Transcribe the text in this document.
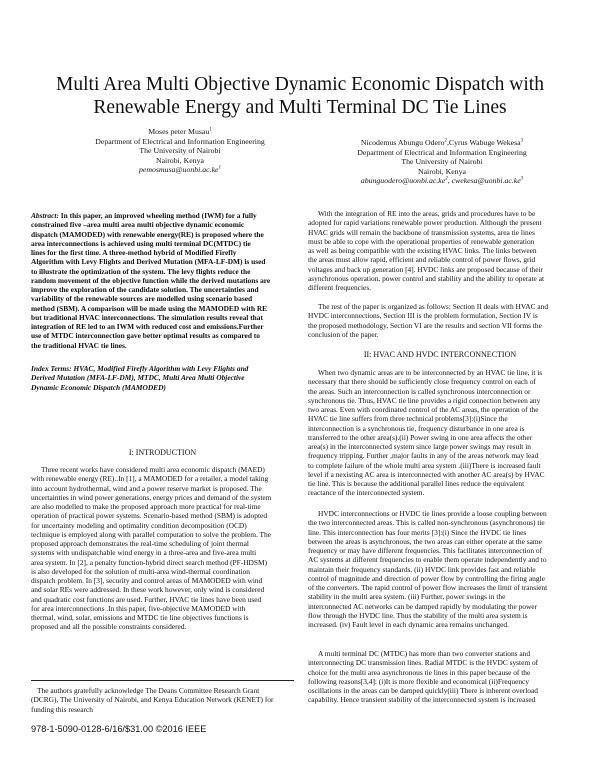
Multi Area Multi Objective Dynamic Economic Dispatch with
Renewable Energy and Multi Terminal DC Tie Lines
Moses peter Musau$^1$
Department of Electrical and Information Engineering
The University of Nairobi
Nairobi, Kenya
$pemosmusa@uonbi.ac.ke^1$
Nicodemus Abungu Odero$^2$,Cyrus Wabuge Wekesa$^3$
Department of Electrical and Information Engineering
The University of Nairobi
Nairobi, Kenya
$abunguodero@uonbi.ac.ke^2$, $cwekesa@uonbi.ac.ke^3$
Abstract: In this paper, an improved wheeling method (IWM) for a fully
constrained five –area multi area multi objective dynamic economic
dispatch (MAMODED) with renewable energy(RE) is proposed where the
area interconnections is achieved using multi terminal DC(MTDC) tie
lines for the first time. A three-method hybrid of Modified Firefly
Algorithm with Levy Flights and Derived Mutation (MFA-LF-DM) is used
to illustrate the optimization of the system. The levy flights reduce the
random movement of the objective function while the derived mutations are
improve the exploration of the candidate solution. The uncertainties and
variability of the renewable sources are modelled using scenario based
method (SBM). A comparison will be made using the MAMODED with RE
but traditional HVAC interconnections. The simulation results reveal that
integration of RE led to an IWM with reduced cost and emissions.Further
use of MTDC interconnection gave better optimal results as compared to
the traditional HVAC tie lines.
Index Terms: HVAC, Modified Firefly Algorithm with Levy Flights and
Derived Mutation (MFA-LF-DM), MTDC, Multi Area Multi Objective
Dynamic Economic Dispatch (MAMODED)
I: INTRODUCTION
Three recent works have considered multi area economic dispatch (MAED)
with renewable energy (RE)..In [1], a MAMODED for a retailer, a model taking
into account hydrothermal, wind and a power reserve market is proposed. The
uncertainties in wind power generations, energy prices and demand of the system
are also modelled to make the proposed approach more practical for real-time
operation of practical power systems. Scenario-based method (SBM) is adopted
for uncertainty modeling and optimality condition decomposition (OCD)
technique is employed along with parallel computation to solve the problem. The
proposed approach demonstrates the real-time scheduling of joint thermal
systems with undispatchable wind energy in a three-area and five-area multi
area system. In [2], a penalty function-hybrid direct search method (PF-HDSM)
is also developed for the solution of multi-area wind-thermal coordination
dispatch problem. In [3], security and control areas of MAMODED with wind
and solar REs were addressed. In these work however, only wind is considered
and quadratic cost functions are used. Further, HVAC tie lines have been used
for area interconnections .In this paper, five-objective MAMODED with
thermal, wind, solar, emissions and MTDC tie line objectives functions is
proposed and all the possible constraints considered.
The authors gratefully acknowledge The Deans Committee Research Grant
(DCRG), The University of Nairobi, and Kenya Education Network (KENET) for
funding this research
978-1-5090-0128-6/16/$31.00 ©2016 IEEE
With the integration of RE into the areas, grids and procedures have to be
adopted for rapid variations renewable power production. Although the present
HVAC grids will remain the backbone of transmission systems, area tie lines
must be able to cope with the operational properties of renewable generation
as well as being compatible with the existing HVAC links. The links between
the areas must allow rapid, efficient and reliable control of power flows, grid
voltages and back up generation [4]. HVDC links are proposed because of their
asynchronous operation, power control and stability and the ability to operate at
different frequencies.
The rest of the paper is organized as follows: Section II deals with HVAC and
HVDC interconnections, Section III is the problem formulation, Section IV is
the proposed methodology, Section VI are the results and section VII forms the
conclusion of the paper.
II: HVAC AND HVDC INTERCONNECTION
When two dynamic areas are to be interconnected by an HVAC tie line, it is
necessary that there should be sufficiently close frequency control on each of
the areas. Such an interconnection is called synchronous interconnection or
synchronous tie. Thus, HVAC tie line provides a rigid connection between any
two areas. Even with coordinated control of the AC areas, the operation of the
HVAC tie line suffers from three technical problems[3]:(i)Since the
interconnection is a synchronous tie, frequency disturbance in one area is
transferred to the other area(s).(ii) Power swing in one area affects the other
area(s) in the interconnected system since large power swings may result in
frequency tripping. Further ,major faults in any of the areas network may lead
to complete failure of the whole multi area system .(iii)There is increased fault
level if a nexisting AC area is interconnected with another AC area(s) by HVAC
tie line. This is because the additional parallel lines reduce the equivalent
reactance of the interconnected system.
HVDC interconnections or HVDC tie lines provide a loose coupling between
the two interconnected areas. This is called non-synchronous (asynchronous) tie
line. This interconnection has four merits [3]:(i) Since the HVDC tie lines
between the areas is asynchronous, the two areas can either operate at the same
frequency or may have different frequencies. This facilitates interconnection of
AC systems at different frequencies to enable them operate independently and to
maintain their frequency standards. (ii) HVDC link provides fast and reliable
control of magnitude and direction of power flow by controlling the firing angle
of the converters. The rapid control of power flow increases the limit of transient
stability in the multi area system. (iii) Further, power swings in the
interconnected AC networks can be damped rapidly by modulating the power
flow through the HVDC line. Thus the stability of the multi area system is
increased. (iv) Fault level in each dynamic area remains unchanged.
A multi terminal DC (MTDC) has more than two converter stations and
interconnecting DC transmission lines. Radial MTDC is the HVDC system of
choice for the multi area asynchronous tie lines in this paper because of the
following reasons[3,4]: (i)It is more flexible and economical (ii)Frequency
oscillations in the areas can be damped quickly(iii) There is inherent overload
capability. Hence transient stability of the interconnected system is increased
